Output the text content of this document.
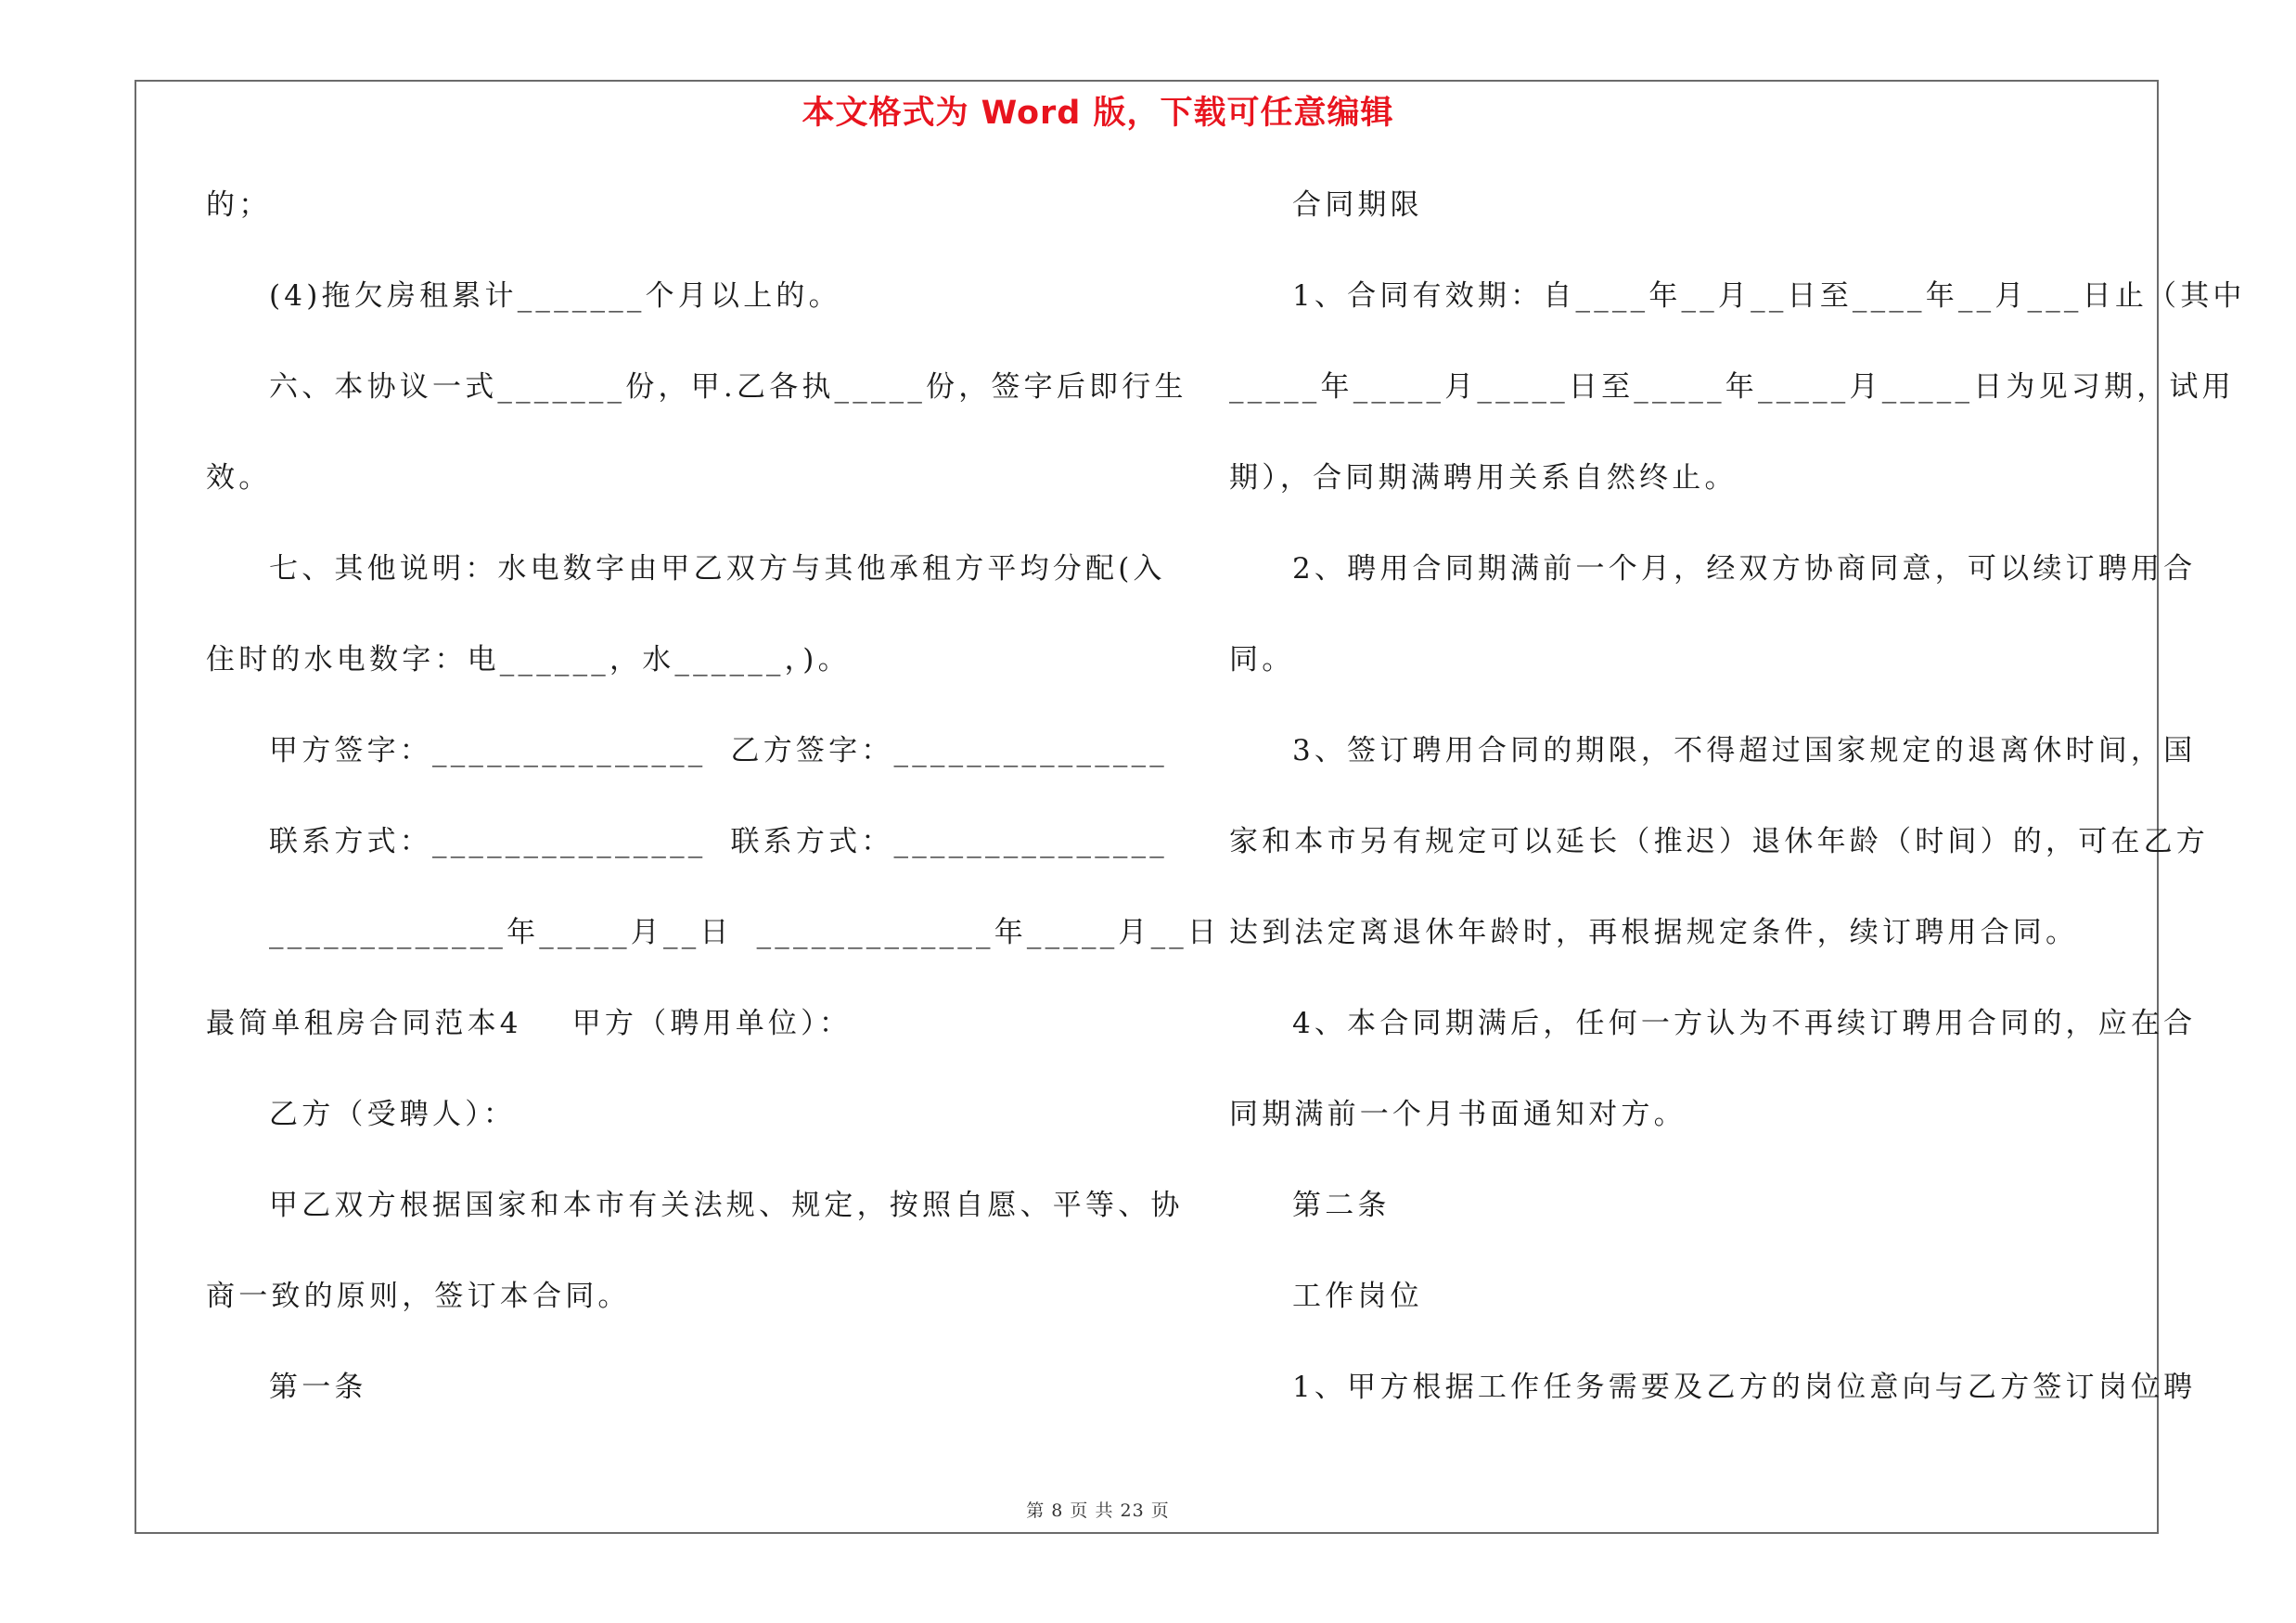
本文格式为 Word 版，下载可任意编辑
的；
(4)拖欠房租累计_______个月以上的。
六、本协议一式_______份，甲.乙各执_____份，签字后即行生
效。
七、其他说明：水电数字由甲乙双方与其他承租方平均分配(入
住时的水电数字：电______，水______，)。
甲方签字：_______________ 乙方签字：_______________
联系方式：_______________ 联系方式：_______________
_____________年_____月__日 _____________年_____月__日
最简单租房合同范本4 甲方（聘用单位）：
乙方（受聘人）：
甲乙双方根据国家和本市有关法规、规定，按照自愿、平等、协
商一致的原则，签订本合同。
第一条
合同期限
1、合同有效期：自____年__月__日至____年__月___日止（其中
_____年_____月_____日至_____年_____月_____日为见习期，试用
期），合同期满聘用关系自然终止。
2、聘用合同期满前一个月，经双方协商同意，可以续订聘用合
同。
3、签订聘用合同的期限，不得超过国家规定的退离休时间，国
家和本市另有规定可以延长（推迟）退休年龄（时间）的，可在乙方
达到法定离退休年龄时，再根据规定条件，续订聘用合同。
4、本合同期满后，任何一方认为不再续订聘用合同的，应在合
同期满前一个月书面通知对方。
第二条
工作岗位
1、甲方根据工作任务需要及乙方的岗位意向与乙方签订岗位聘
第 8 页 共 23 页
